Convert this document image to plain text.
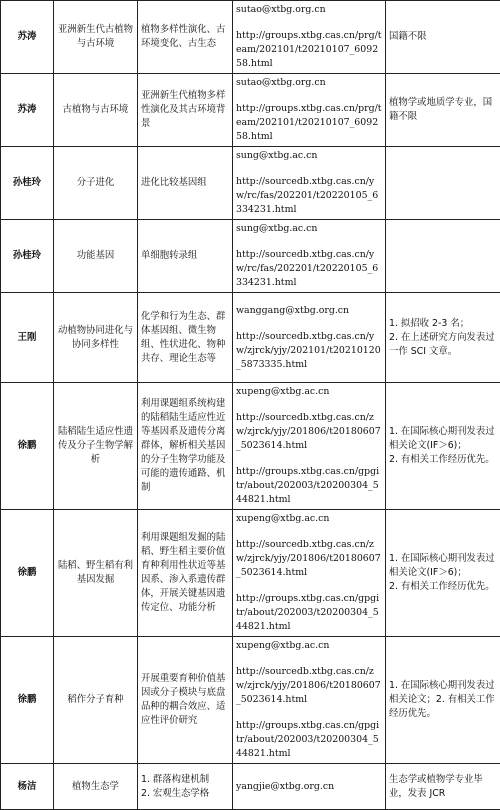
苏涛	亚洲新生代古植物与古环境	植物多样性演化、古环境变化、古生态	sutao@xtbg.org.cn
http://groups.xtbg.cas.cn/prg/team/202101/t20210107_609258.html	国籍不限

苏涛	古植物与古环境	亚洲新生代植物多样性演化及其古环境背景	sutao@xtbg.org.cn
http://groups.xtbg.cas.cn/prg/team/202101/t20210107_609258.html	植物学或地质学专业，国籍不限

孙桂玲	分子进化	进化比较基因组	sung@xtbg.ac.cn
http://sourcedb.xtbg.cas.cn/yw/rc/fas/202201/t20220105_6334231.html	

孙桂玲	功能基因	单细胞转录组	sung@xtbg.ac.cn
http://sourcedb.xtbg.cas.cn/yw/rc/fas/202201/t20220105_6334231.html	

王刚	动植物协同进化与协同多样性	化学和行为生态、群体基因组、微生物组、性状进化、物种共存、理论生态等	wanggang@xtbg.org.cn
http://sourcedb.xtbg.cas.cn/yw/zjrck/yjy/202101/t20210120_5873335.html	1. 拟招收 2-3 名；
2. 在上述研究方向发表过一作 SCI 文章。

徐鹏	陆稻陆生适应性遗传及分子生物学解析	利用课题组系统构建的陆稻陆生适应性近等基因系及遗传分离群体，解析相关基因的分子生物学功能及可能的遗传通路、机制	xupeng@xtbg.ac.cn
http://sourcedb.xtbg.cas.cn/zw/zjrck/yjy/201806/t20180607_5023614.html
http://groups.xtbg.cas.cn/gpgitr/about/202003/t20200304_544821.html	1. 在国际核心期刊发表过相关论文(IF＞6)；
2. 有相关工作经历优先。

徐鹏	陆稻、野生稻有利基因发掘	利用课题组发掘的陆稻、野生稻主要价值育种利用性状近等基因系、渗入系遗传群体，开展关键基因遗传定位、功能分析	xupeng@xtbg.ac.cn
http://sourcedb.xtbg.cas.cn/zw/zjrck/yjy/201806/t20180607_5023614.html
http://groups.xtbg.cas.cn/gpgitr/about/202003/t20200304_544821.html	1. 在国际核心期刊发表过相关论文(IF＞6)；
2. 有相关工作经历优先。

徐鹏	稻作分子育种	开展重要育种价值基因或分子模块与底盘品种的耦合效应、适应性评价研究	xupeng@xtbg.ac.cn
http://sourcedb.xtbg.cas.cn/zw/zjrck/yjy/201806/t20180607_5023614.html
http://groups.xtbg.cas.cn/gpgitr/about/202003/t20200304_544821.html	1. 在国际核心期刊发表过相关论文；2. 有相关工作经历优先。

杨洁	植物生态学	1. 群落构建机制
2. 宏观生态学格	yangjie@xtbg.org.cn	生态学或植物学专业毕业，发表 JCR
